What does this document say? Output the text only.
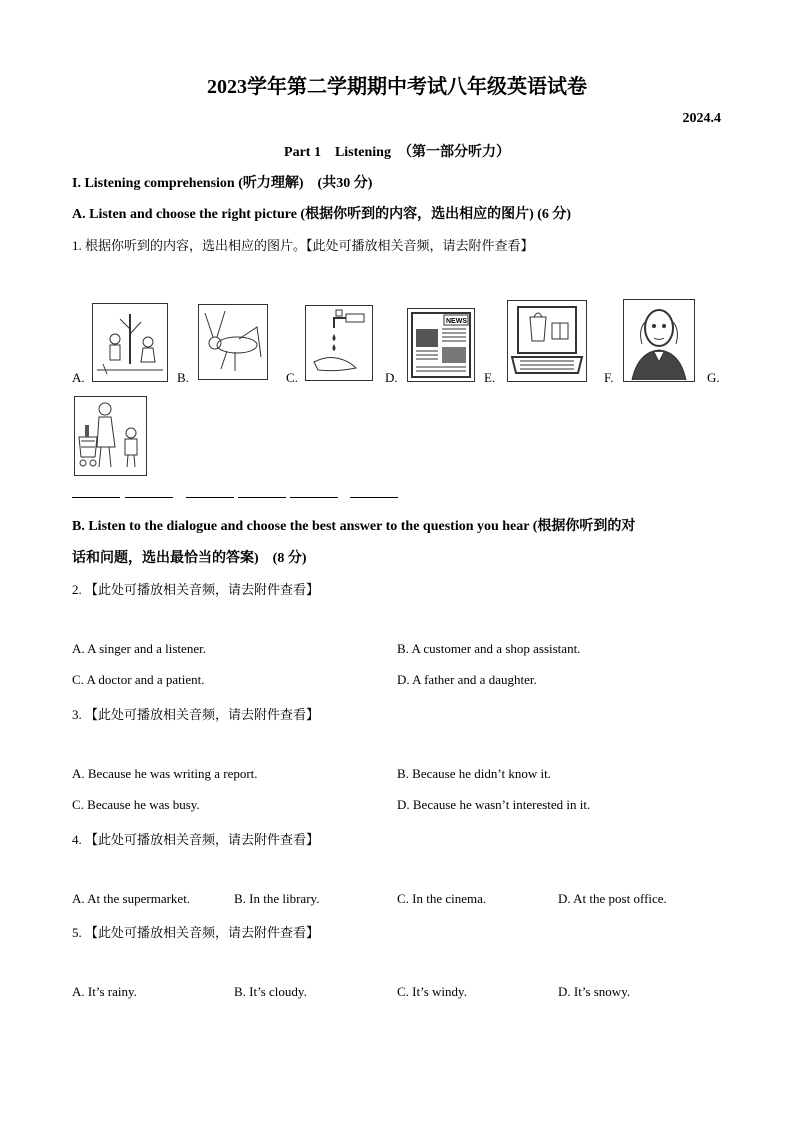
2023学年第二学期期中考试八年级英语试卷
2024.4
Part 1　Listening　（第一部分听力）
I. Listening comprehension (听力理解)　(共30 分)
A. Listen and choose the right picture (根据你听到的内容，选出相应的图片) (6 分)
1. 根据你听到的内容，选出相应的图片。【此处可播放相关音频，请去附件查看】
A.	B.	C.	D.
NEWS
E.	F.	G.
B. Listen to the dialogue and choose the best answer to the question you hear (根据你听到的对
话和问题，选出最恰当的答案)　(8 分)
2. 【此处可播放相关音频，请去附件查看】
A. A singer and a listener.	B. A customer and a shop assistant.
C. A doctor and a patient.	D. A father and a daughter.
3. 【此处可播放相关音频，请去附件查看】
A. Because he was writing a report.	B. Because he didn’t know it.
C. Because he was busy.	D. Because he wasn’t interested in it.
4. 【此处可播放相关音频，请去附件查看】
A. At the supermarket.	B. In the library.	C. In the cinema.	D. At the post office.
5. 【此处可播放相关音频，请去附件查看】
A. It’s rainy.	B. It’s cloudy.	C. It’s windy.	D. It’s snowy.
